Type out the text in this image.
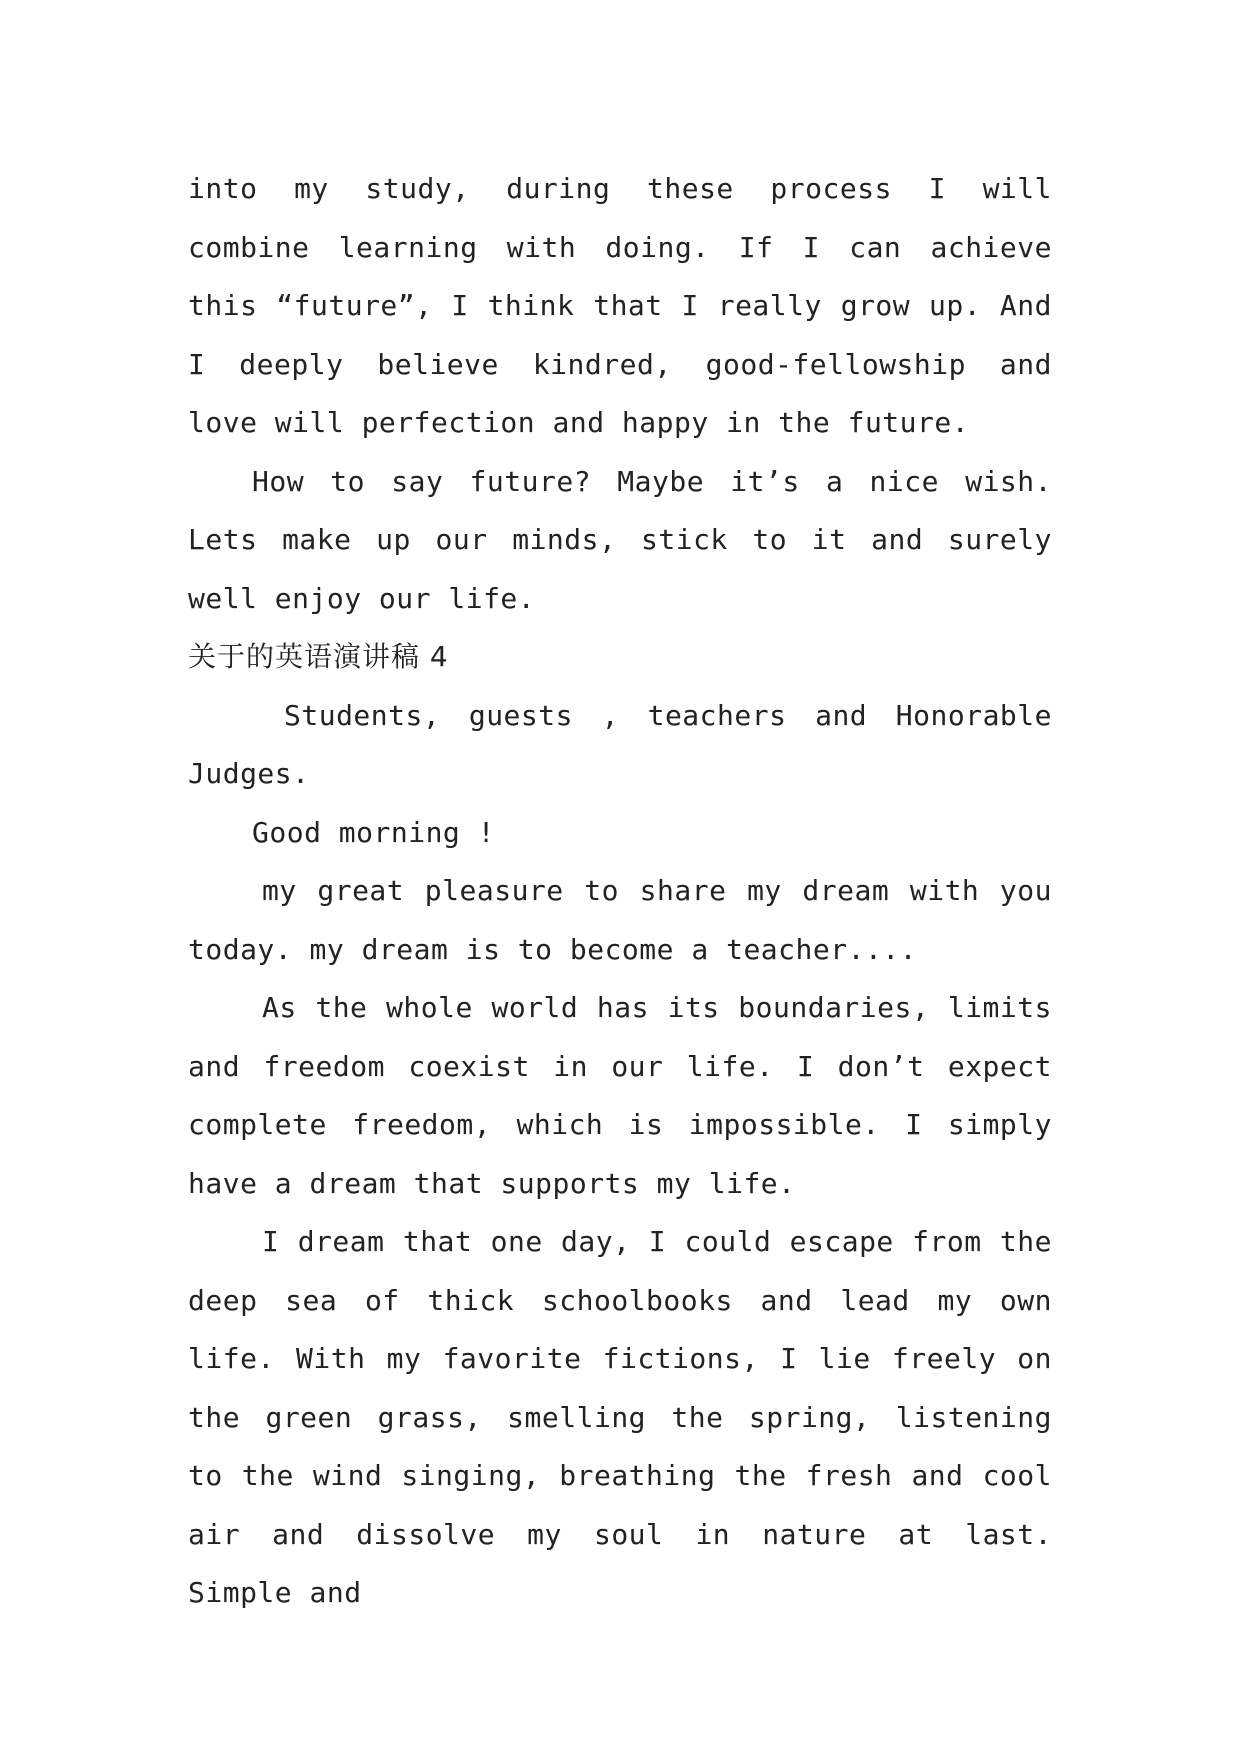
into my study, during these process I will combine learning with doing. If I can achieve this “future”, I think that I really grow up. And I deeply believe kindred, good-fellowship and love will perfection and happy in the future.

How to say future? Maybe it’s a nice wish. Lets make up our minds, stick to it and surely well enjoy our life.

关于的英语演讲稿 4

Students, guests , teachers and Honorable Judges.

Good morning !

my great pleasure to share my dream with you today. my dream is to become a teacher....

As the whole world has its boundaries, limits and freedom coexist in our life. I don’t expect complete freedom, which is impossible. I simply have a dream that supports my life.

I dream that one day, I could escape from the deep sea of thick schoolbooks and lead my own life. With my favorite fictions, I lie freely on the green grass, smelling the spring, listening to the wind singing, breathing the fresh and cool air and dissolve my soul in nature at last. Simple and
